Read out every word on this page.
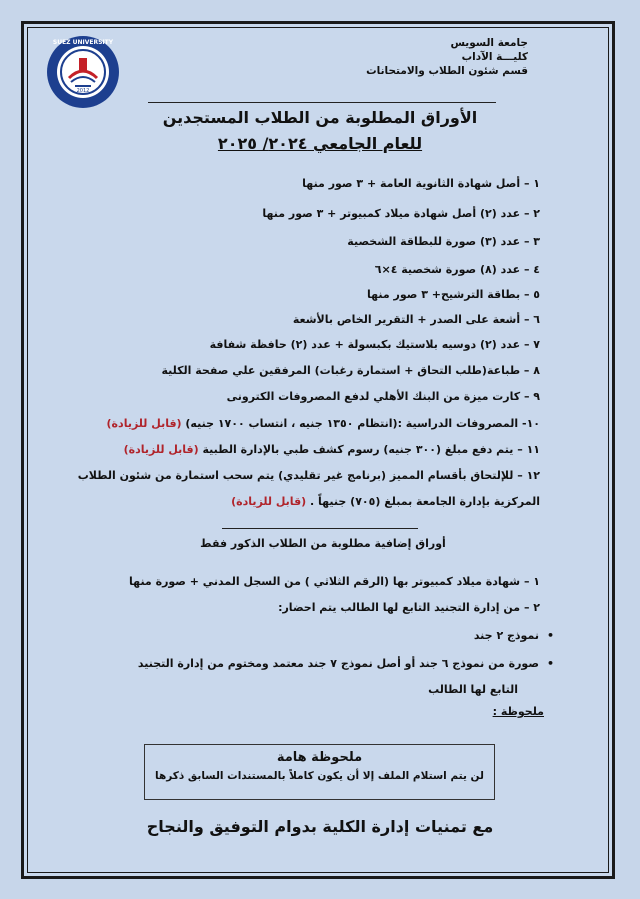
2012
SUEZ UNIVERSITY	جامعة السويس
كليـــة الآداب
قسم شئون الطلاب والامتحانات
الأوراق المطلوبة من الطلاب المستجدين
للعام الجامعي ٢٠٢٤/ ٢٠٢٥
١ – أصل شهادة الثانوية العامة + ٣ صور منها
٢ – عدد (٢) أصل شهادة ميلاد كمبيوتر + ٣ صور منها
٣ – عدد (٣) صورة للبطاقة الشخصية
٤ – عدد (٨) صورة شخصية ٤×٦
٥ – بطاقة الترشيح+ ٣ صور منها
٦ – أشعة على الصدر + التقرير الخاص بالأشعة
٧ – عدد (٢) دوسيه بلاستيك بكبسولة + عدد (٢) حافظة شفافة
٨ – طباعة(طلب التحاق + استمارة رغبات) المرفقين علي صفحة الكلية
٩ – كارت ميزة من البنك الأهلي لدفع المصروفات الكترونى
١٠- المصروفات الدراسية :(انتظام ١٣٥٠ جنيه ، انتساب ١٧٠٠ جنيه) (قابل للزيادة)
١١ – يتم دفع مبلغ (٣٠٠ جنيه) رسوم كشف طبي بالإدارة الطبية (قابل للزيادة)
١٢ – للإلتحاق بأقسام المميز (برنامج غير تقليدي) يتم سحب استمارة من شئون الطلاب
المركزية بإدارة الجامعة بمبلغ (٧٠٥) جنيهاً . (قابل للزيادة)
أوراق إضافية مطلوبة من الطلاب الذكور فقط
١ – شهادة ميلاد كمبيوتر بها (الرقم الثلاثي ) من السجل المدني + صورة منها
٢ – من إدارة التجنيد التابع لها الطالب يتم احضار:
• نموذج ٢ جند
• صورة من نموذج ٦ جند أو أصل نموذج ٧ جند معتمد ومختوم من إدارة التجنيد
التابع لها الطالب
ملحوظة :
ملحوظة هامة
لن يتم استلام الملف إلا أن يكون كاملاً بالمستندات السابق ذكرها
مع تمنيات إدارة الكلية بدوام التوفيق والنجاح
